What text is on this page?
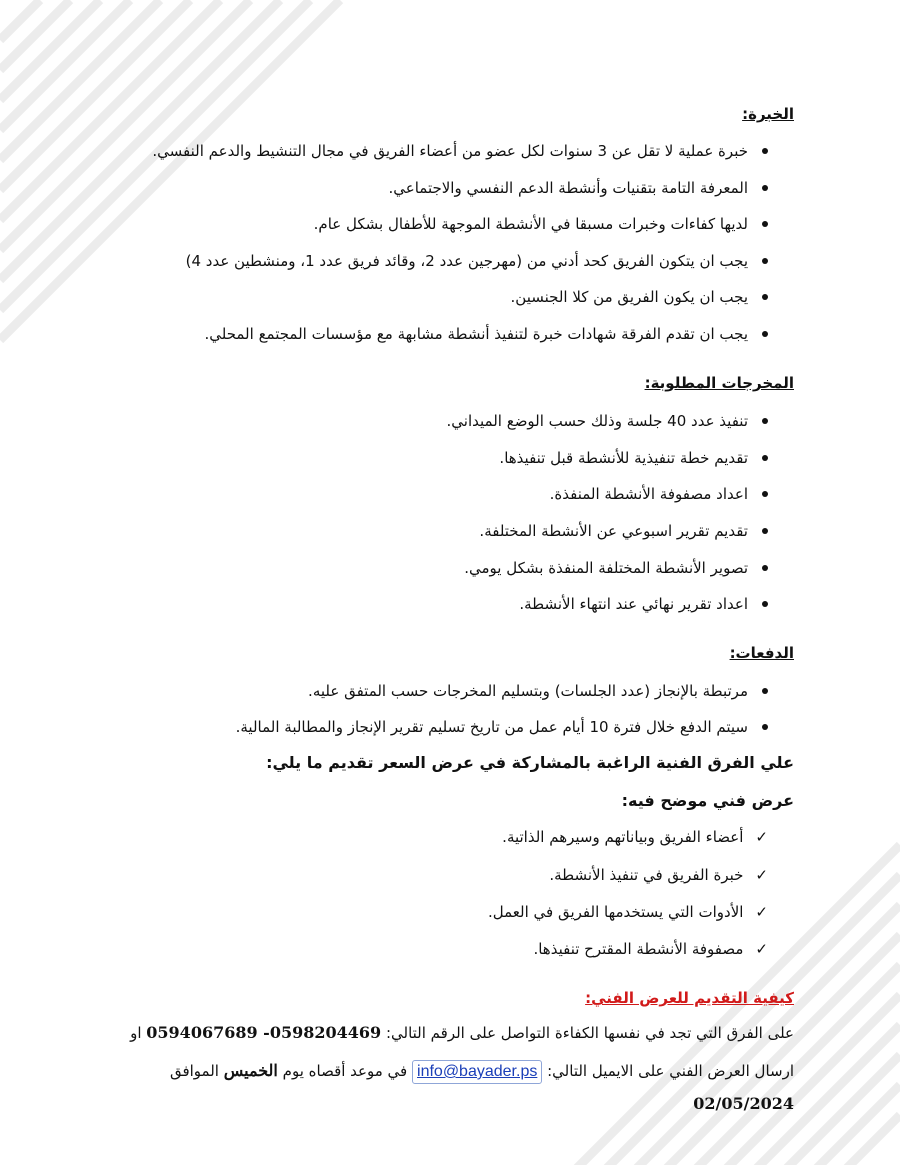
الخبرة:
خبرة عملية لا تقل عن 3 سنوات لكل عضو من أعضاء الفريق في مجال التنشيط والدعم النفسي.
المعرفة التامة بتقنيات وأنشطة الدعم النفسي والاجتماعي.
لديها كفاءات وخبرات مسبقا في الأنشطة الموجهة للأطفال بشكل عام.
يجب ان يتكون الفريق كحد أدني من (مهرجين عدد 2، وقائد فريق عدد 1، ومنشطين عدد 4)
يجب ان يكون الفريق من كلا الجنسين.
يجب ان تقدم الفرقة شهادات خبرة لتنفيذ أنشطة مشابهة مع مؤسسات المجتمع المحلي.
المخرجات المطلوبة:
تنفيذ عدد 40 جلسة وذلك حسب الوضع الميداني.
تقديم خطة تنفيذية للأنشطة قبل تنفيذها.
اعداد مصفوفة الأنشطة المنفذة.
تقديم تقرير اسبوعي عن الأنشطة المختلفة.
تصوير الأنشطة المختلفة المنفذة بشكل يومي.
اعداد تقرير نهائي عند انتهاء الأنشطة.
الدفعات:
مرتبطة بالإنجاز (عدد الجلسات) وبتسليم المخرجات حسب المتفق عليه.
سيتم الدفع خلال فترة 10 أيام عمل من تاريخ تسليم تقرير الإنجاز والمطالبة المالية.
علي الفرق الفنية الراغبة بالمشاركة في عرض السعر تقديم ما يلي:
عرض فني موضح فيه:
✓
أعضاء الفريق وبياناتهم وسيرهم الذاتية.
✓
خبرة الفريق في تنفيذ الأنشطة.
✓
الأدوات التي يستخدمها الفريق في العمل.
✓
مصفوفة الأنشطة المقترح تنفيذها.
كيفية التقديم للعرض الفني:
على الفرق التي تجد في نفسها الكفاءة التواصل على الرقم التالي: 0594067689 -0598204469 او
ارسال العرض الفني على الايميل التالي: info@bayader.ps في موعد أقصاه يوم الخميس الموافق
02/05/2024
